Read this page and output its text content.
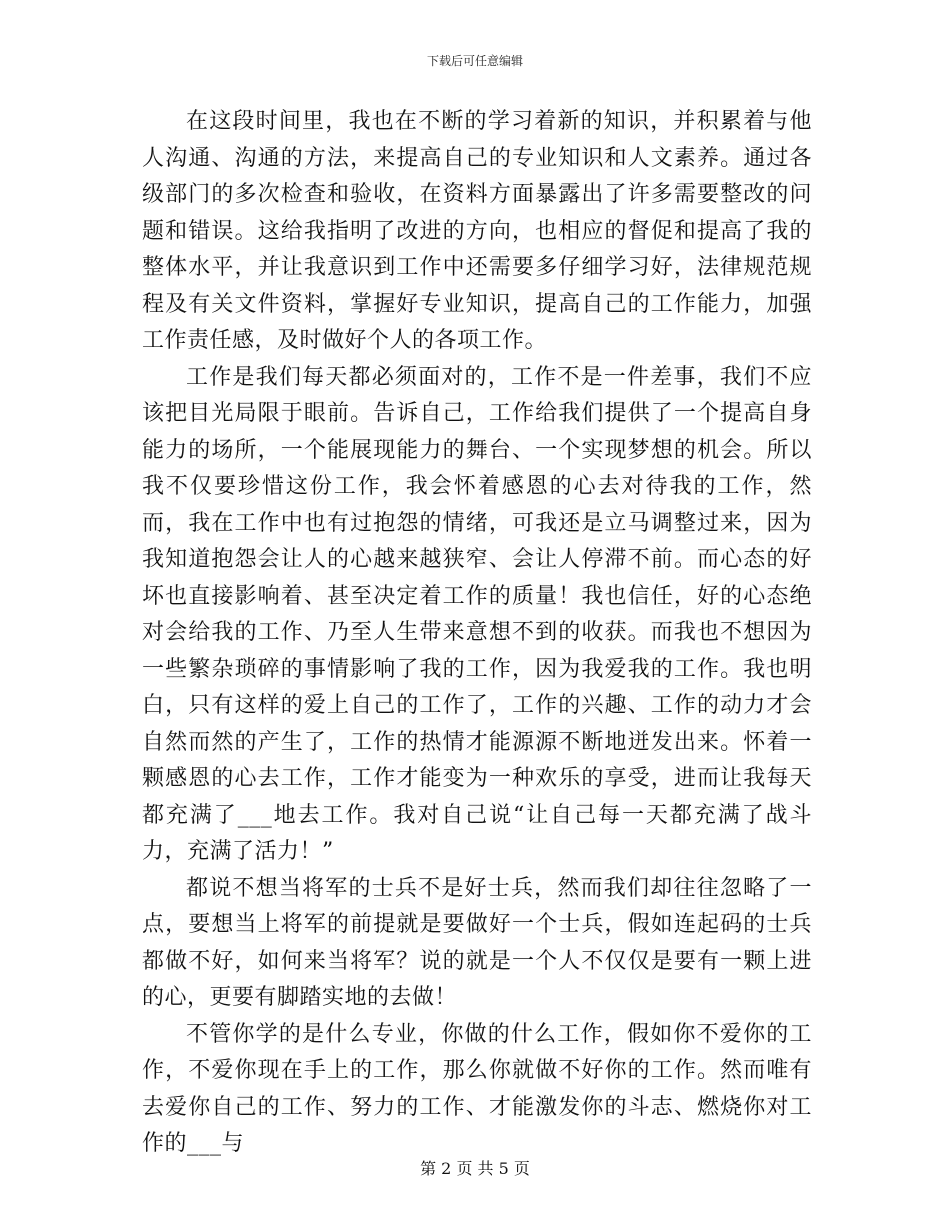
下载后可任意编辑

在这段时间里，我也在不断的学习着新的知识，并积累着与他人沟通、沟通的方法，来提高自己的专业知识和人文素养。通过各级部门的多次检查和验收，在资料方面暴露出了许多需要整改的问题和错误。这给我指明了改进的方向，也相应的督促和提高了我的整体水平，并让我意识到工作中还需要多仔细学习好，法律规范规程及有关文件资料，掌握好专业知识，提高自己的工作能力，加强工作责任感，及时做好个人的各项工作。

工作是我们每天都必须面对的，工作不是一件差事，我们不应该把目光局限于眼前。告诉自己，工作给我们提供了一个提高自身能力的场所，一个能展现能力的舞台、一个实现梦想的机会。所以我不仅要珍惜这份工作，我会怀着感恩的心去对待我的工作，然而，我在工作中也有过抱怨的情绪，可我还是立马调整过来，因为我知道抱怨会让人的心越来越狭窄、会让人停滞不前。而心态的好坏也直接影响着、甚至决定着工作的质量！我也信任，好的心态绝对会给我的工作、乃至人生带来意想不到的收获。而我也不想因为一些繁杂琐碎的事情影响了我的工作，因为我爱我的工作。我也明白，只有这样的爱上自己的工作了，工作的兴趣、工作的动力才会自然而然的产生了，工作的热情才能源源不断地迸发出来。怀着一颗感恩的心去工作，工作才能变为一种欢乐的享受，进而让我每天都充满了___地去工作。我对自己说“让自己每一天都充满了战斗力，充满了活力！”

都说不想当将军的士兵不是好士兵，然而我们却往往忽略了一点，要想当上将军的前提就是要做好一个士兵，假如连起码的士兵都做不好，如何来当将军？说的就是一个人不仅仅是要有一颗上进的心，更要有脚踏实地的去做！

不管你学的是什么专业，你做的什么工作，假如你不爱你的工作，不爱你现在手上的工作，那么你就做不好你的工作。然而唯有去爱你自己的工作、努力的工作、才能激发你的斗志、燃烧你对工作的___与

第 2 页 共 5 页
